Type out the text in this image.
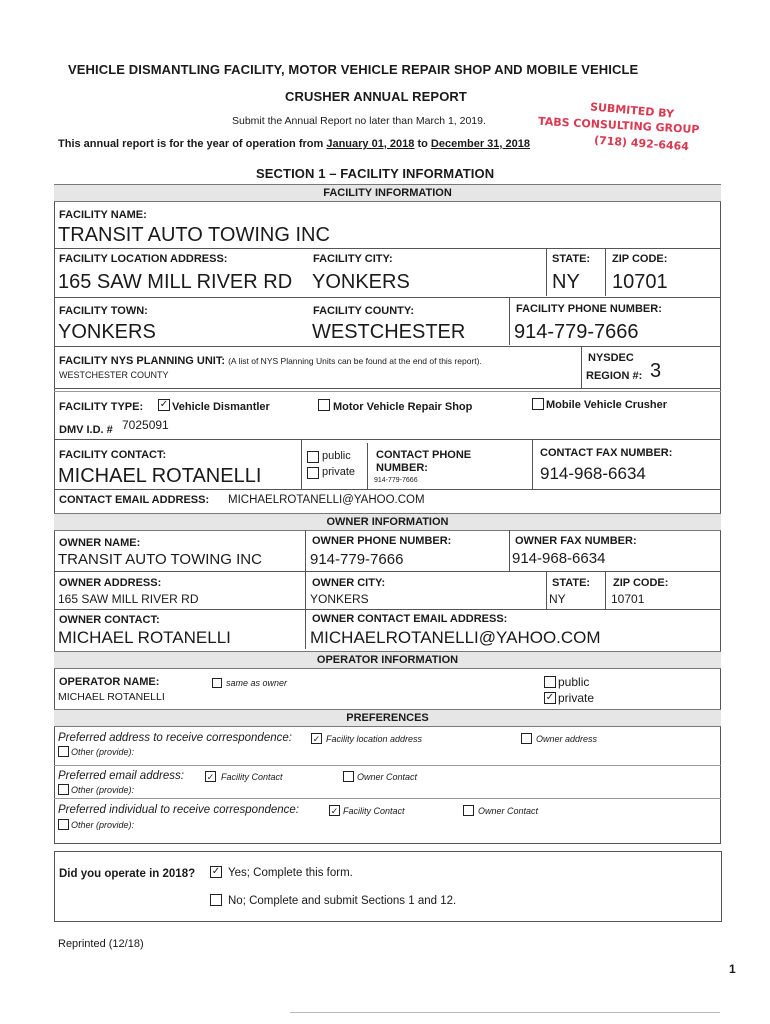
VEHICLE DISMANTLING FACILITY, MOTOR VEHICLE REPAIR SHOP AND MOBILE VEHICLE
CRUSHER ANNUAL REPORT
Submit the Annual Report no later than March 1, 2019.
This annual report is for the year of operation from January 01, 2018 to December 31, 2018
SUBMITED BY
TABS CONSULTING GROUP
(718) 492-6464
SECTION 1 – FACILITY INFORMATION
FACILITY INFORMATION
FACILITY NAME:
TRANSIT AUTO TOWING INC
FACILITY LOCATION ADDRESS:
165 SAW MILL RIVER RD
FACILITY CITY:
YONKERS
STATE:
NY
ZIP CODE:
10701
FACILITY TOWN:
YONKERS
FACILITY COUNTY:
WESTCHESTER
FACILITY PHONE NUMBER:
914-779-7666
FACILITY NYS PLANNING UNIT: (A list of NYS Planning Units can be found at the end of this report).
WESTCHESTER COUNTY
NYSDEC
REGION #: 3
FACILITY TYPE: ✓ Vehicle Dismantler	Motor Vehicle Repair Shop	Mobile Vehicle Crusher
DMV I.D. # 7025091
FACILITY CONTACT:
MICHAEL ROTANELLI
public
private
CONTACT PHONE
NUMBER:
914-779-7666
CONTACT FAX NUMBER:
914-968-6634
CONTACT EMAIL ADDRESS: MICHAELROTANELLI@YAHOO.COM
OWNER INFORMATION
OWNER NAME:
TRANSIT AUTO TOWING INC
OWNER PHONE NUMBER:
914-779-7666
OWNER FAX NUMBER:
914-968-6634
OWNER ADDRESS:
165 SAW MILL RIVER RD
OWNER CITY:
YONKERS
STATE:
NY
ZIP CODE:
10701
OWNER CONTACT:
MICHAEL ROTANELLI
OWNER CONTACT EMAIL ADDRESS:
MICHAELROTANELLI@YAHOO.COM
OPERATOR INFORMATION
OPERATOR NAME:
MICHAEL ROTANELLI
same as owner	public
✓ private
PREFERENCES
Preferred address to receive correspondence: ✓ Facility location address	Owner address
Other (provide):
Preferred email address:	✓ Facility Contact	Owner Contact
Other (provide):
Preferred individual to receive correspondence:	✓ Facility Contact	Owner Contact
Other (provide):
Did you operate in 2018? ✓ Yes; Complete this form.
No; Complete and submit Sections 1 and 12.
Reprinted (12/18)
1
